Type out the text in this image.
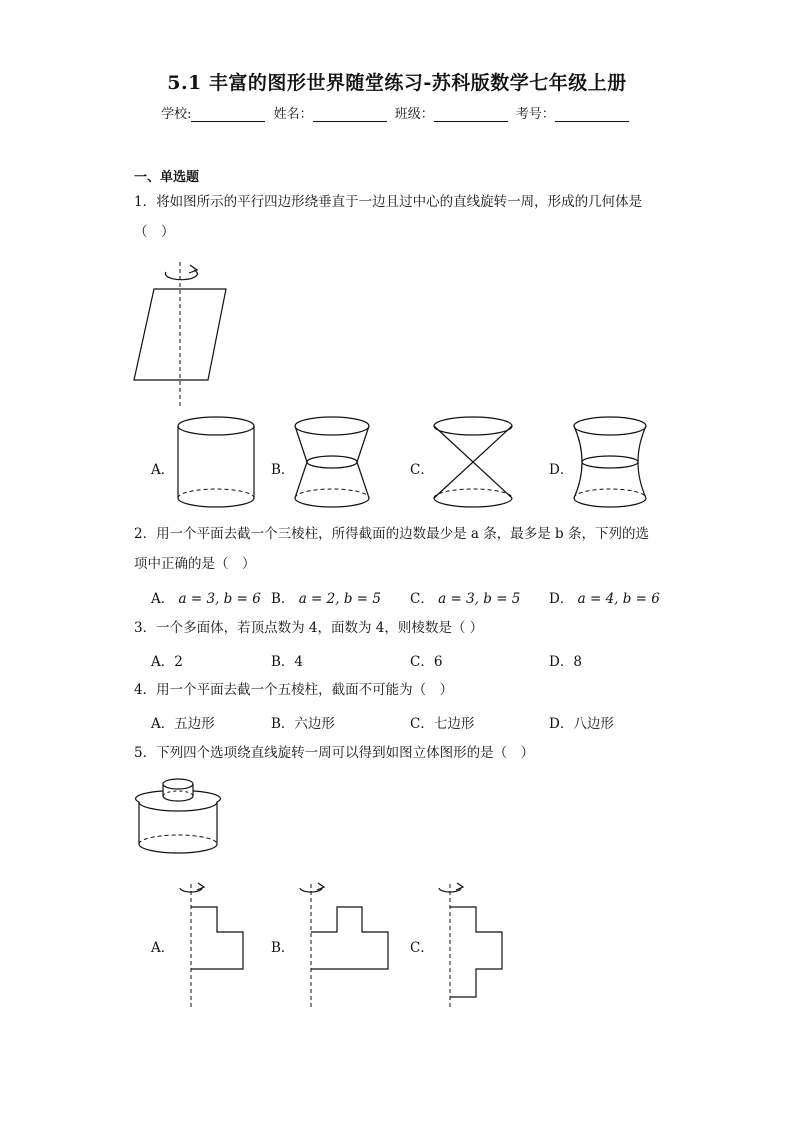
5.1 丰富的图形世界随堂练习-苏科版数学七年级上册
学校:	姓名：	班级：	考号：
一、单选题
1．将如图所示的平行四边形绕垂直于一边且过中心的直线旋转一周，形成的几何体是
（　）
A．	B．	C．	D．
2．用一个平面去截一个三棱柱，所得截面的边数最少是 a 条，最多是 b 条，下列的选
项中正确的是（　）
A． a = 3, b = 6 B． a = 2, b = 5 C． a = 3, b = 5 D． a = 4, b = 6
3．一个多面体，若顶点数为 4，面数为 4，则棱数是（ ）
A．2	B．4	C．6	D．8
4．用一个平面去截一个五棱柱，截面不可能为（　）
A．五边形	B．六边形	C．七边形	D．八边形
5．下列四个选项绕直线旋转一周可以得到如图立体图形的是（　）
A．	B．	C．
